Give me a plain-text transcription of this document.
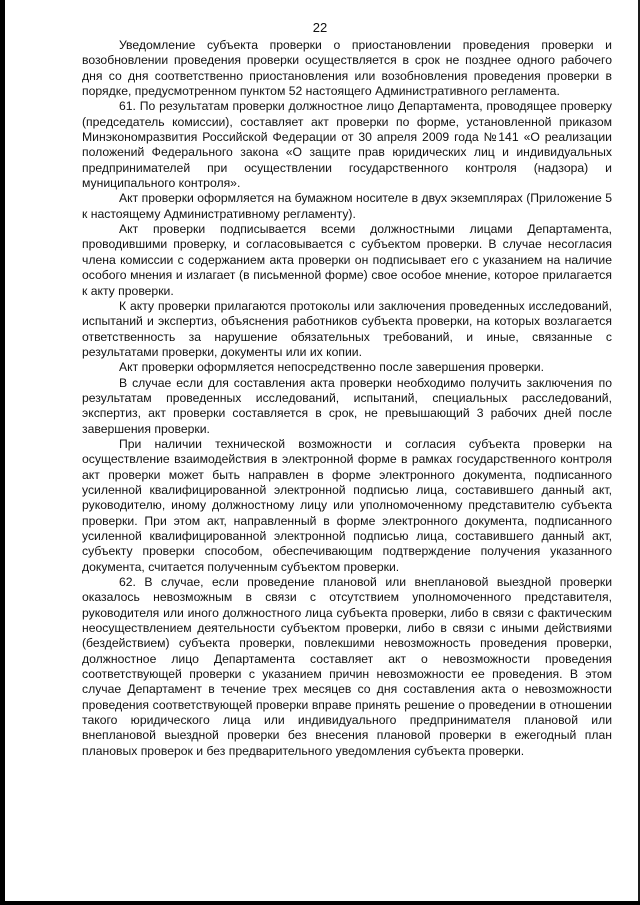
22

Уведомление субъекта проверки о приостановлении проведения проверки и возобновлении проведения проверки осуществляется в срок не позднее одного рабочего дня со дня соответственно приостановления или возобновления проведения проверки в порядке, предусмотренном пунктом 52 настоящего Административного регламента.

61. По результатам проверки должностное лицо Департамента, проводящее проверку (председатель комиссии), составляет акт проверки по форме, установленной приказом Минэкономразвития Российской Федерации от 30 апреля 2009 года №141 «О реализации положений Федерального закона «О защите прав юридических лиц и индивидуальных предпринимателей при осуществлении государственного контроля (надзора) и муниципального контроля».

Акт проверки оформляется на бумажном носителе в двух экземплярах (Приложение 5 к настоящему Административному регламенту).

Акт проверки подписывается всеми должностными лицами Департамента, проводившими проверку, и согласовывается с субъектом проверки. В случае несогласия члена комиссии с содержанием акта проверки он подписывает его с указанием на наличие особого мнения и излагает (в письменной форме) свое особое мнение, которое прилагается к акту проверки.

К акту проверки прилагаются протоколы или заключения проведенных исследований, испытаний и экспертиз, объяснения работников субъекта проверки, на которых возлагается ответственность за нарушение обязательных требований, и иные, связанные с результатами проверки, документы или их копии.

Акт проверки оформляется непосредственно после завершения проверки.

В случае если для составления акта проверки необходимо получить заключения по результатам проведенных исследований, испытаний, специальных расследований, экспертиз, акт проверки составляется в срок, не превышающий 3 рабочих дней после завершения проверки.

При наличии технической возможности и согласия субъекта проверки на осуществление взаимодействия в электронной форме в рамках государственного контроля акт проверки может быть направлен в форме электронного документа, подписанного усиленной квалифицированной электронной подписью лица, составившего данный акт, руководителю, иному должностному лицу или уполномоченному представителю субъекта проверки. При этом акт, направленный в форме электронного документа, подписанного усиленной квалифицированной электронной подписью лица, составившего данный акт, субъекту проверки способом, обеспечивающим подтверждение получения указанного документа, считается полученным субъектом проверки.

62. В случае, если проведение плановой или внеплановой выездной проверки оказалось невозможным в связи с отсутствием уполномоченного представителя, руководителя или иного должностного лица субъекта проверки, либо в связи с фактическим неосуществлением деятельности субъектом проверки, либо в связи с иными действиями (бездействием) субъекта проверки, повлекшими невозможность проведения проверки, должностное лицо Департамента составляет акт о невозможности проведения соответствующей проверки с указанием причин невозможности ее проведения. В этом случае Департамент в течение трех месяцев со дня составления акта о невозможности проведения соответствующей проверки вправе принять решение о проведении в отношении такого юридического лица или индивидуального предпринимателя плановой или внеплановой выездной проверки без внесения плановой проверки в ежегодный план плановых проверок и без предварительного уведомления субъекта проверки.
